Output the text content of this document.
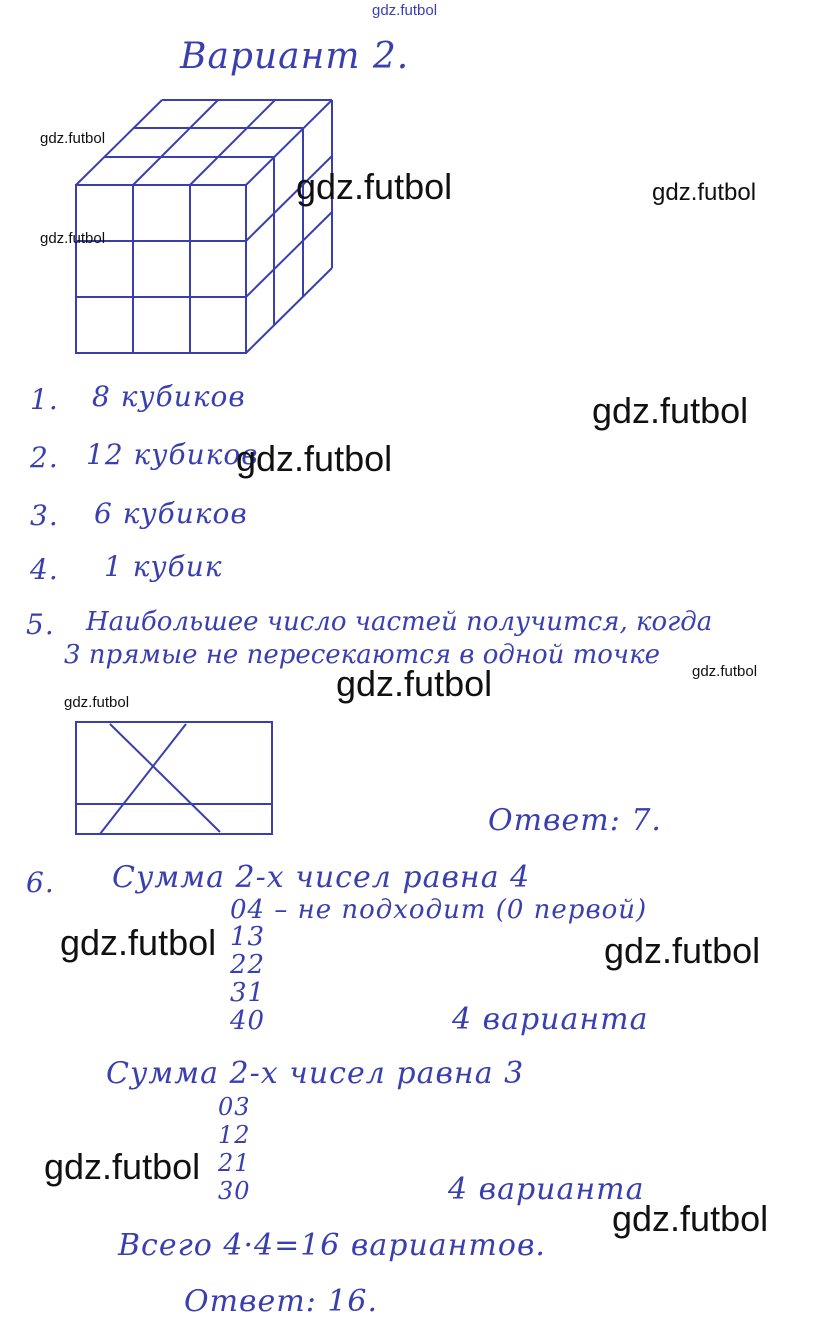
gdz.futbol
Вариант 2.
1. 8 кубиков
2. 12 кубиков
3. 6 кубиков
4. 1 кубик
5. Наибольшее число частей получится, когда
3 прямые не пересекаются в одной точке
Ответ: 7.
6. Сумма 2-х чисел равна 4
04 – не подходит (0 первой)
13
22
31
40	4 варианта
Сумма 2-х чисел равна 3
03
12
21
30	4 варианта
Всего 4·4=16 вариантов.
Ответ: 16.
gdz.futbol
gdz.futbol	gdz.futbol
gdz.futbol
gdz.futbol
gdz.futbol
gdz.futbol	gdz.futbol
gdz.futbol
gdz.futbol	gdz.futbol
gdz.futbol
gdz.futbol
